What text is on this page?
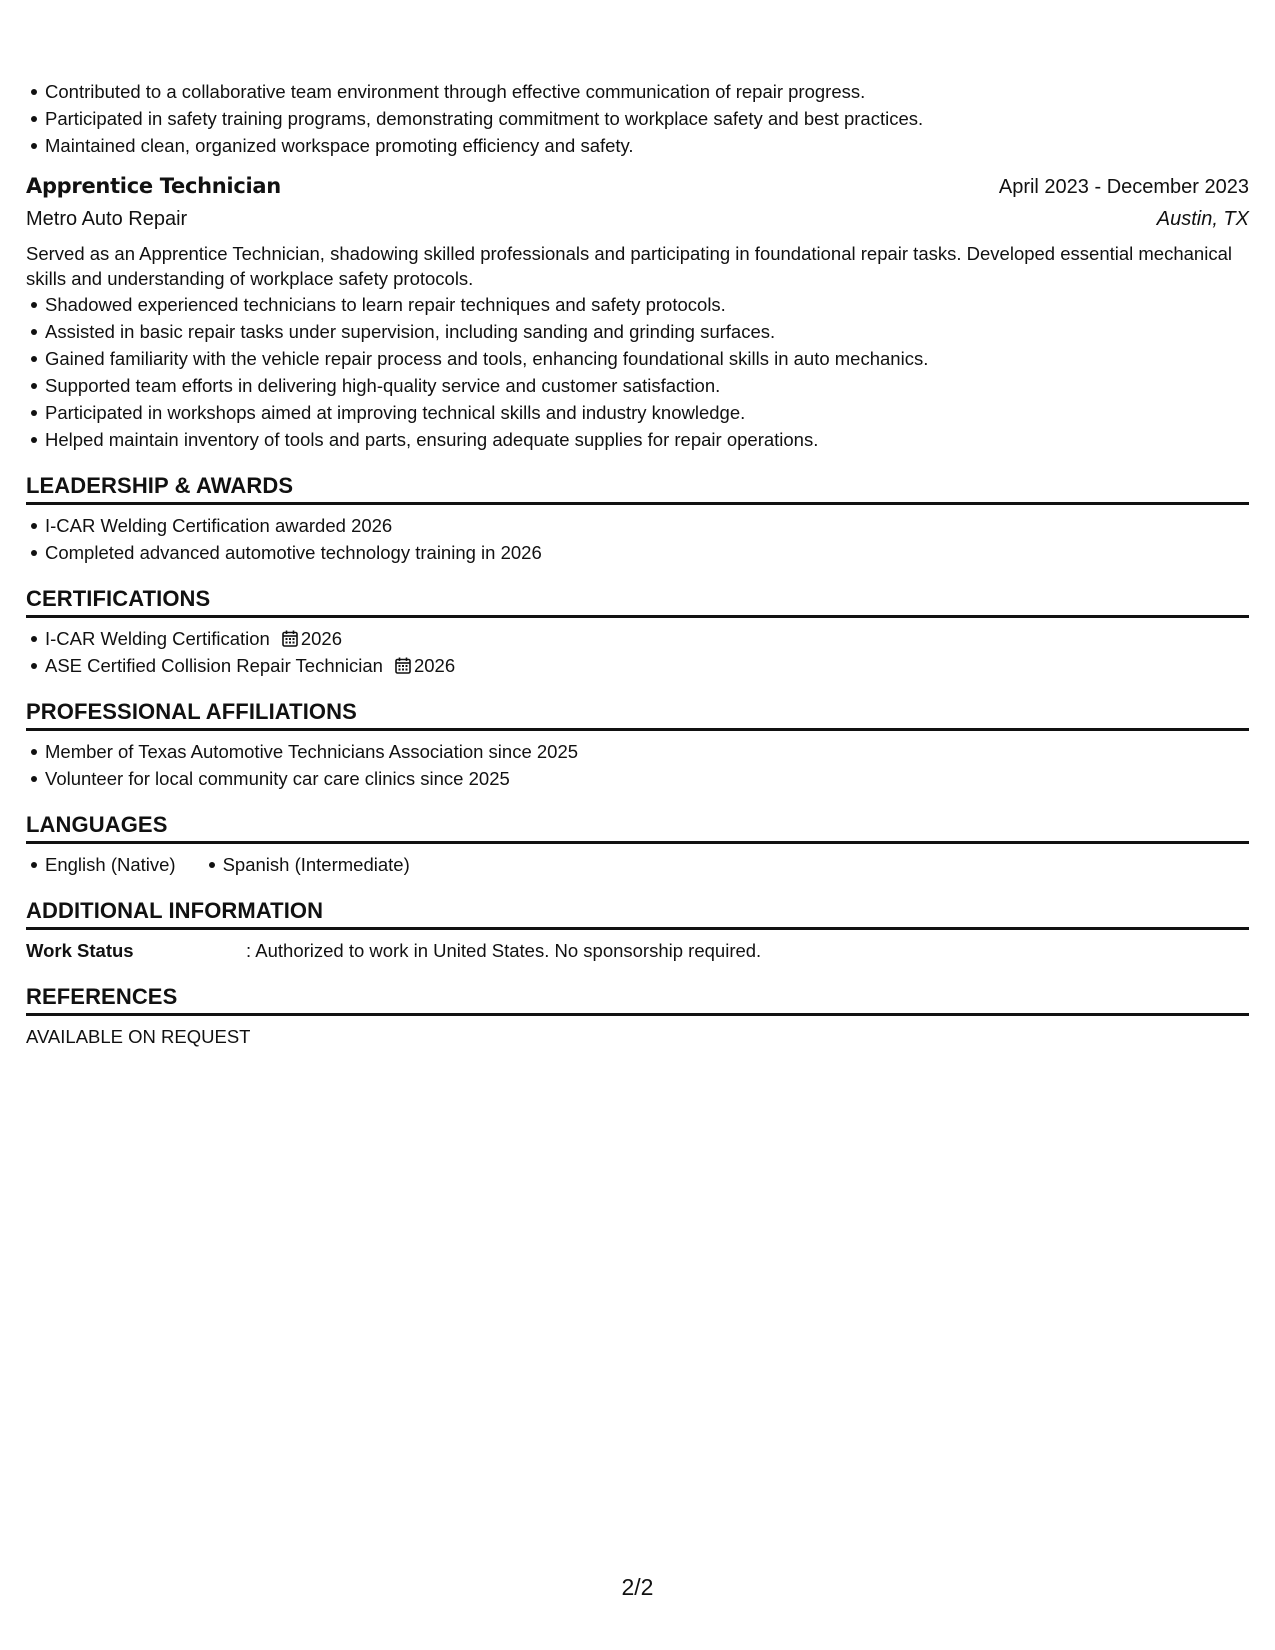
Contributed to a collaborative team environment through effective communication of repair progress.
Participated in safety training programs, demonstrating commitment to workplace safety and best practices.
Maintained clean, organized workspace promoting efficiency and safety.
Apprentice Technician	April 2023 - December 2023
Metro Auto Repair	Austin, TX
Served as an Apprentice Technician, shadowing skilled professionals and participating in foundational repair tasks. Developed essential mechanical skills and understanding of workplace safety protocols.
Shadowed experienced technicians to learn repair techniques and safety protocols.
Assisted in basic repair tasks under supervision, including sanding and grinding surfaces.
Gained familiarity with the vehicle repair process and tools, enhancing foundational skills in auto mechanics.
Supported team efforts in delivering high-quality service and customer satisfaction.
Participated in workshops aimed at improving technical skills and industry knowledge.
Helped maintain inventory of tools and parts, ensuring adequate supplies for repair operations.
LEADERSHIP & AWARDS
I-CAR Welding Certification awarded 2026
Completed advanced automotive technology training in 2026
CERTIFICATIONS
I-CAR Welding Certification 2026
ASE Certified Collision Repair Technician 2026
PROFESSIONAL AFFILIATIONS
Member of Texas Automotive Technicians Association since 2025
Volunteer for local community car care clinics since 2025
LANGUAGES
English (Native)	Spanish (Intermediate)
ADDITIONAL INFORMATION
Work Status	: Authorized to work in United States. No sponsorship required.
REFERENCES
AVAILABLE ON REQUEST
2/2
